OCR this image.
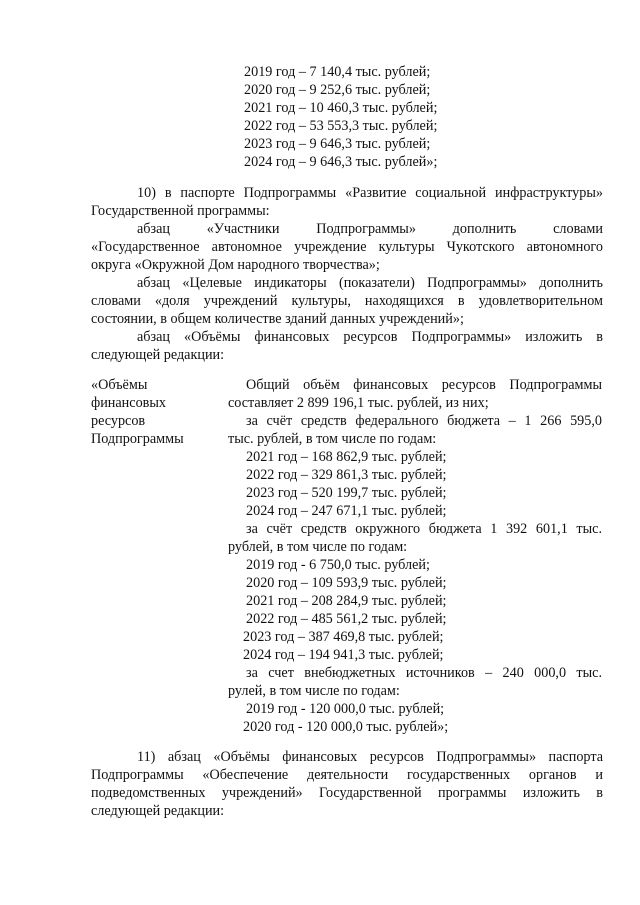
2019 год – 7 140,4 тыс. рублей;
2020 год – 9 252,6 тыс. рублей;
2021 год – 10 460,3 тыс. рублей;
2022 год – 53 553,3 тыс. рублей;
2023 год – 9 646,3 тыс. рублей;
2024 год – 9 646,3 тыс. рублей»;
10) в паспорте Подпрограммы «Развитие социальной инфраструктуры»
Государственной программы:
абзац «Участники Подпрограммы» дополнить словами
«Государственное автономное учреждение культуры Чукотского автономного
округа «Окружной Дом народного творчества»;
абзац «Целевые индикаторы (показатели) Подпрограммы» дополнить
словами «доля учреждений культуры, находящихся в удовлетворительном
состоянии, в общем количестве зданий данных учреждений»;
абзац «Объёмы финансовых ресурсов Подпрограммы» изложить в
следующей редакции:
«Объёмы
финансовых
ресурсов
Подпрограммы
Общий объём финансовых ресурсов Подпрограммы
составляет 2 899 196,1 тыс. рублей, из них;
за счёт средств федерального бюджета – 1 266 595,0
тыс. рублей, в том числе по годам:
2021 год – 168 862,9 тыс. рублей;
2022 год – 329 861,3 тыс. рублей;
2023 год – 520 199,7 тыс. рублей;
2024 год – 247 671,1 тыс. рублей;
за счёт средств окружного бюджета 1 392 601,1 тыс.
рублей, в том числе по годам:
2019 год - 6 750,0 тыс. рублей;
2020 год – 109 593,9 тыс. рублей;
2021 год – 208 284,9 тыс. рублей;
2022 год – 485 561,2 тыс. рублей;
2023 год – 387 469,8 тыс. рублей;
2024 год – 194 941,3 тыс. рублей;
за счет внебюджетных источников – 240 000,0 тыс.
рулей, в том числе по годам:
2019 год - 120 000,0 тыс. рублей;
2020 год - 120 000,0 тыс. рублей»;
11) абзац «Объёмы финансовых ресурсов Подпрограммы» паспорта
Подпрограммы «Обеспечение деятельности государственных органов и
подведомственных учреждений» Государственной программы изложить в
следующей редакции:
